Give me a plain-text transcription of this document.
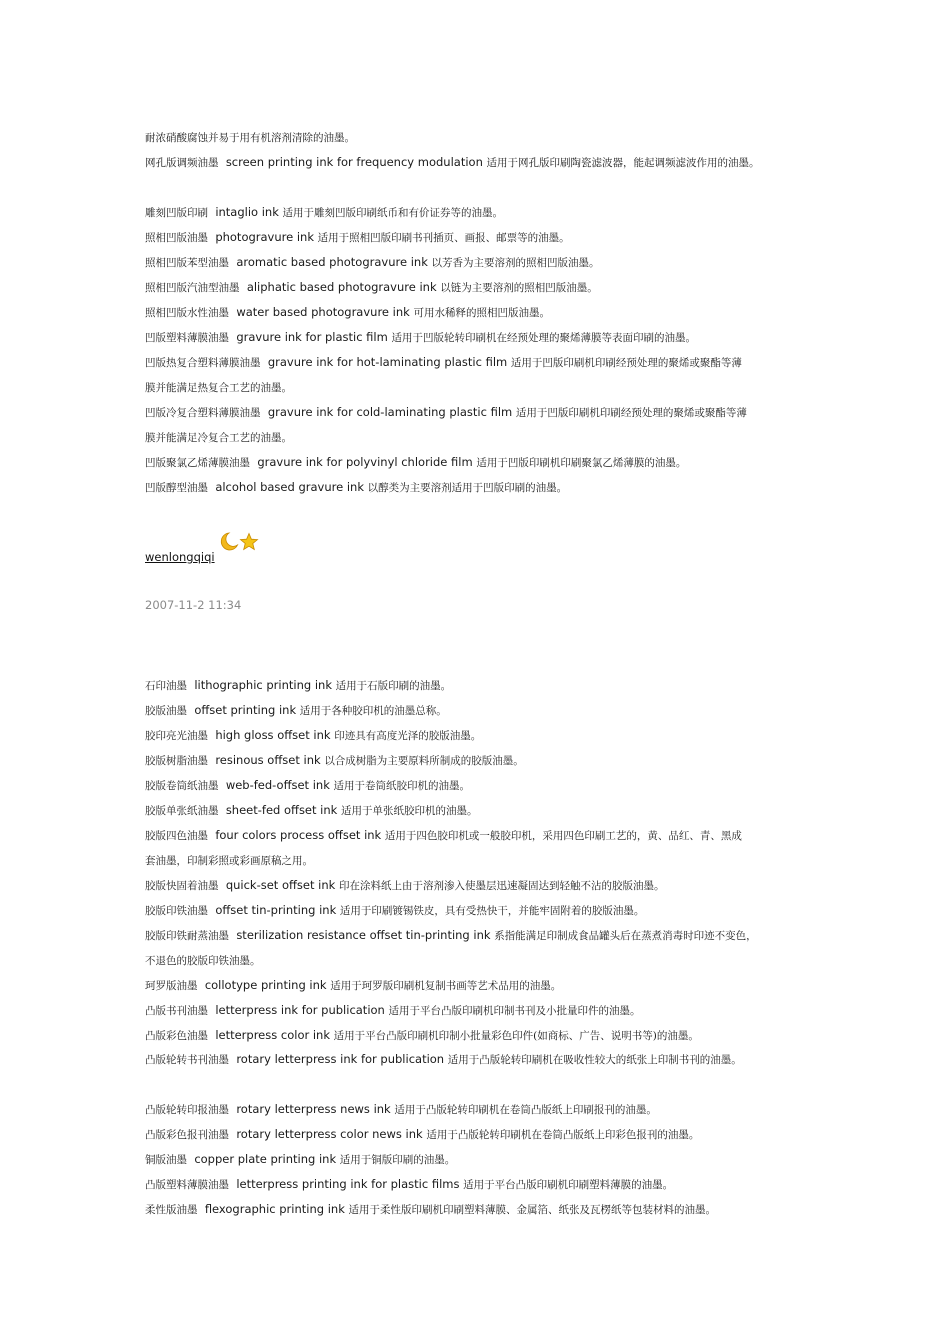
耐浓硝酸腐蚀并易于用有机溶剂清除的油墨。
网孔版调频油墨 screen printing ink for frequency modulation 适用于网孔版印刷陶瓷滤波器，能起调频滤波作用的油墨。
雕刻凹版印刷 intaglio ink 适用于雕刻凹版印刷纸币和有价证券等的油墨。
照相凹版油墨 photogravure ink 适用于照相凹版印刷书刊插页、画报、邮票等的油墨。
照相凹版苯型油墨 aromatic based photogravure ink 以芳香为主要溶剂的照相凹版油墨。
照相凹版汽油型油墨 aliphatic based photogravure ink 以链为主要溶剂的照相凹版油墨。
照相凹版水性油墨 water based photogravure ink 可用水稀释的照相凹版油墨。
凹版塑料薄膜油墨 gravure ink for plastic film 适用于凹版轮转印刷机在经预处理的聚烯薄膜等表面印刷的油墨。
凹版热复合塑料薄膜油墨 gravure ink for hot-laminating plastic film 适用于凹版印刷机印刷经预处理的聚烯或聚酯等薄
膜并能满足热复合工艺的油墨。
凹版冷复合塑料薄膜油墨 gravure ink for cold-laminating plastic film 适用于凹版印刷机印刷经预处理的聚烯或聚酯等薄
膜并能满足冷复合工艺的油墨。
凹版聚氯乙烯薄膜油墨 gravure ink for polyvinyl chloride film 适用于凹版印刷机印刷聚氯乙烯薄膜的油墨。
凹版醇型油墨 alcohol based gravure ink 以醇类为主要溶剂适用于凹版印刷的油墨。
wenlongqiqi
2007-11-2 11:34
石印油墨 lithographic printing ink 适用于石版印刷的油墨。
胶版油墨 offset printing ink 适用于各种胶印机的油墨总称。
胶印亮光油墨 high gloss offset ink 印迹具有高度光泽的胶版油墨。
胶版树脂油墨 resinous offset ink 以合成树脂为主要原料所制成的胶版油墨。
胶版卷筒纸油墨 web-fed-offset ink 适用于卷筒纸胶印机的油墨。
胶版单张纸油墨 sheet-fed offset ink 适用于单张纸胶印机的油墨。
胶版四色油墨 four colors process offset ink 适用于四色胶印机或一般胶印机，采用四色印刷工艺的，黄、品红、青、黑成
套油墨，印制彩照或彩画原稿之用。
胶版快固着油墨 quick-set offset ink 印在涂料纸上由于溶剂渗入使墨层迅速凝固达到轻触不沾的胶版油墨。
胶版印铁油墨 offset tin-printing ink 适用于印刷镀锡铁皮，具有受热快干，并能牢固附着的胶版油墨。
胶版印铁耐蒸油墨 sterilization resistance offset tin-printing ink 系指能满足印制成食品罐头后在蒸煮消毒时印迹不变色，
不退色的胶版印铁油墨。
珂罗版油墨 collotype printing ink 适用于珂罗版印刷机复制书画等艺术品用的油墨。
凸版书刊油墨 letterpress ink for publication 适用于平台凸版印刷机印制书刊及小批量印件的油墨。
凸版彩色油墨 letterpress color ink 适用于平台凸版印刷机印制小批量彩色印件(如商标、广告、说明书等)的油墨。
凸版轮转书刊油墨 rotary letterpress ink for publication 适用于凸版轮转印刷机在吸收性较大的纸张上印制书刊的油墨。
凸版轮转印报油墨 rotary letterpress news ink 适用于凸版轮转印刷机在卷筒凸版纸上印刷报刊的油墨。
凸版彩色报刊油墨 rotary letterpress color news ink 适用于凸版轮转印刷机在卷筒凸版纸上印彩色报刊的油墨。
铜版油墨 copper plate printing ink 适用于铜版印刷的油墨。
凸版塑料薄膜油墨 letterpress printing ink for plastic films 适用于平台凸版印刷机印刷塑料薄膜的油墨。
柔性版油墨 flexographic printing ink 适用于柔性版印刷机印刷塑料薄膜、金属箔、纸张及瓦楞纸等包装材料的油墨。
